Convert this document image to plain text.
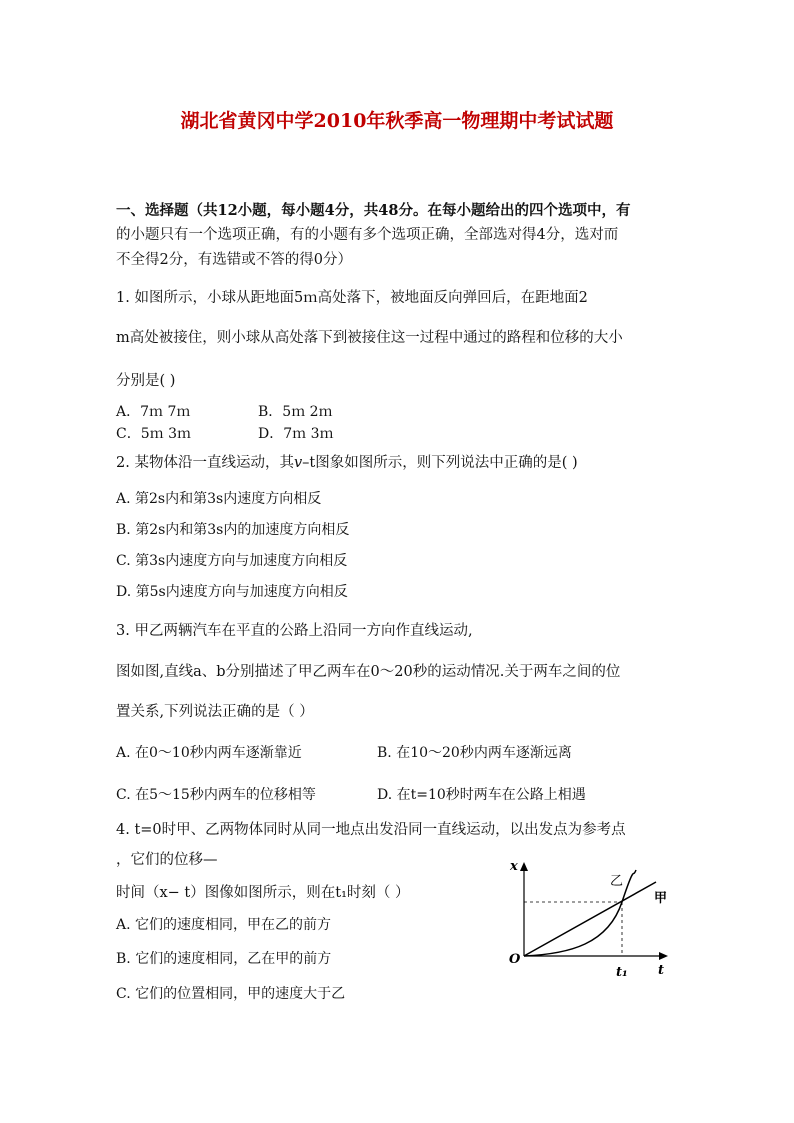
湖北省黄冈中学2010年秋季高一物理期中考试试题
一、选择题（共12小题，每小题4分，共48分。在每小题给出的四个选项中，有
的小题只有一个选项正确，有的小题有多个选项正确，全部选对得4分，选对而
不全得2分，有选错或不答的得0分）
1. 如图所示，小球从距地面5ｍ高处落下，被地面反向弹回后，在距地面2
m高处被接住，则小球从高处落下到被接住这一过程中通过的路程和位移的大小
分别是( )
A．7ｍ 7ｍ	B．5ｍ 2ｍ
C．5ｍ 3ｍ	D．7ｍ 3ｍ
2. 某物体沿一直线运动，其v–t图象如图所示，则下列说法中正确的是( )
A. 第2s内和第3s内速度方向相反
B. 第2s内和第3s内的加速度方向相反
C. 第3s内速度方向与加速度方向相反
D. 第5s内速度方向与加速度方向相反
3. 甲乙两辆汽车在平直的公路上沿同一方向作直线运动,
图如图,直线a、b分别描述了甲乙两车在0～20秒的运动情况.关于两车之间的位
置关系,下列说法正确的是（ ）
A. 在0～10秒内两车逐渐靠近	B. 在10～20秒内两车逐渐远离
C. 在5～15秒内两车的位移相等	D. 在t=10秒时两车在公路上相遇
4. t=0时甲、乙两物体同时从同一地点出发沿同一直线运动，以出发点为参考点
，它们的位移—
时间（x− t）图像如图所示，则在t₁时刻（ ）
A. 它们的速度相同，甲在乙的前方
B. 它们的速度相同，乙在甲的前方
C. 它们的位置相同，甲的速度大于乙
x
O
t
t₁
乙
甲
